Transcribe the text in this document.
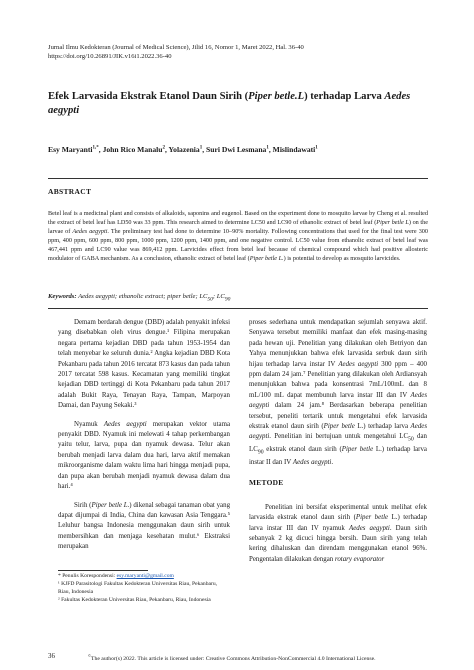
Jurnal Ilmu Kedokteran (Journal of Medical Science), Jilid 16, Nomor 1, Maret 2022, Hal. 36-40
https://doi.org/10.26891/JIK.v16i1.2022.36-40
Efek Larvasida Ekstrak Etanol Daun Sirih (Piper betle.L) terhadap Larva Aedes aegypti
Esy Maryanti$^{1,*}$, John Rico Manalu$^2$, Yolazenia$^1$, Suri Dwi Lesmana$^1$, Mislindawati$^1$
ABSTRACT
Betel leaf is a medicinal plant and consists of alkaloids, saponins and eugenol. Based on the experiment done to mosquito larvae by Cheng et al. resulted the extract of betel leaf has LD50 was 33 ppm. This research aimed to determine LC50 and LC90 of ethanolic extract of betel leaf (Piper betle L) on the larvae of Aedes aegypti. The preliminary test had done to determine 10–90% mortality. Following concentrations that used for the final test were 300 ppm, 400 ppm, 600 ppm, 800 ppm, 1000 ppm, 1200 ppm, 1400 ppm, and one negative control. LC50 value from ethanolic extract of betel leaf was 467,441 ppm and LC90 value was 869,412 ppm. Larvicides effect from betel leaf because of chemical compound which had positive allosteric modulator of GABA mechanism. As a conclusion, ethanolic extract of betel leaf (Piper betle L.) is potential to develop as mosquito larvicides.
Keywords: Aedes aegypti; ethanolic extract; piper betle; $LC_{50}$; $LC_{90}$

Demam berdarah dengue (DBD) adalah penyakit infeksi yang disebabkan oleh virus dengue.¹ Filipina merupakan negara pertama kejadian DBD pada tahun 1953-1954 dan telah menyebar ke seluruh dunia.² Angka kejadian DBD Kota Pekanbaru pada tahun 2016 tercatat 873 kasus dan pada tahun 2017 tercatat 598 kasus. Kecamatan yang memiliki tingkat kejadian DBD tertinggi di Kota Pekanbaru pada tahun 2017 adalah Bukit Raya, Tenayan Raya, Tampan, Marpoyan Damai, dan Payung Sekaki.³

Nyamuk Aedes aegypti merupakan vektor utama penyakit DBD. Nyamuk ini melewati 4 tahap perkembangan yaitu telur, larva, pupa dan nyamuk dewasa. Telur akan berubah menjadi larva dalam dua hari, larva aktif memakan mikroorganisme dalam waktu lima hari hingga menjadi pupa, dan pupa akan berubah menjadi nyamuk dewasa dalam dua hari.⁴

Sirih (Piper betle L.) dikenal sebagai tanaman obat yang dapat dijumpai di India, China dan kawasan Asia Tenggara.⁵ Leluhur bangsa Indonesia menggunakan daun sirih untuk membersihkan dan menjaga kesehatan mulut.⁶ Ekstraksi merupakan

proses sederhana untuk mendapatkan sejumlah senyawa aktif. Senyawa tersebut memiliki manfaat dan efek masing-masing pada hewan uji. Penelitian yang dilakukan oleh Betriyon dan Yahya menunjukkan bahwa efek larvasida serbuk daun sirih hijau terhadap larva instar IV Aedes aegypti 300 ppm – 400 ppm dalam 24 jam.⁷ Penelitian yang dilakukan oleh Ardiansyah menunjukkan bahwa pada konsentrasi 7mL/100mL dan 8 mL/100 mL dapat membunuh larva instar III dan IV Aedes aegypti dalam 24 jam.⁸ Berdasarkan beberapa penelitian tersebut, peneliti tertarik untuk mengetahui efek larvasida ekstrak etanol daun sirih (Piper betle L.) terhadap larva Aedes aegypti. Penelitian ini bertujuan untuk mengetahui $LC_{50}$ dan $LC_{90}$ ekstrak etanol daun sirih (Piper betle L.) terhadap larva instar II dan IV Aedes aegypti.

METODE

Penelitian ini bersifat eksperimental untuk melihat efek larvasida ekstrak etanol daun sirih (Piper betle L.) terhadap larva instar III dan IV nyamuk Aedes aegypti. Daun sirih sebanyak 2 kg dicuci hingga bersih. Daun sirih yang telah kering dihaluskan dan direndam menggunakan etanol 96%. Pengentalan dilakukan dengan rotary evaporator

* Penulis Korespondensi: esy.maryanti@gmail.com

¹ KJFD Parasitologi Fakultas Kedokteran Universitas Riau, Pekanbaru, Riau, Indonesia

² Fakultas Kedokteran Universitas Riau, Pekanbaru, Riau, Indonesia

36	©The author(s) 2022. This article is licensed under: Creative Commons Attribution-NonCommercial 4.0 International License.
